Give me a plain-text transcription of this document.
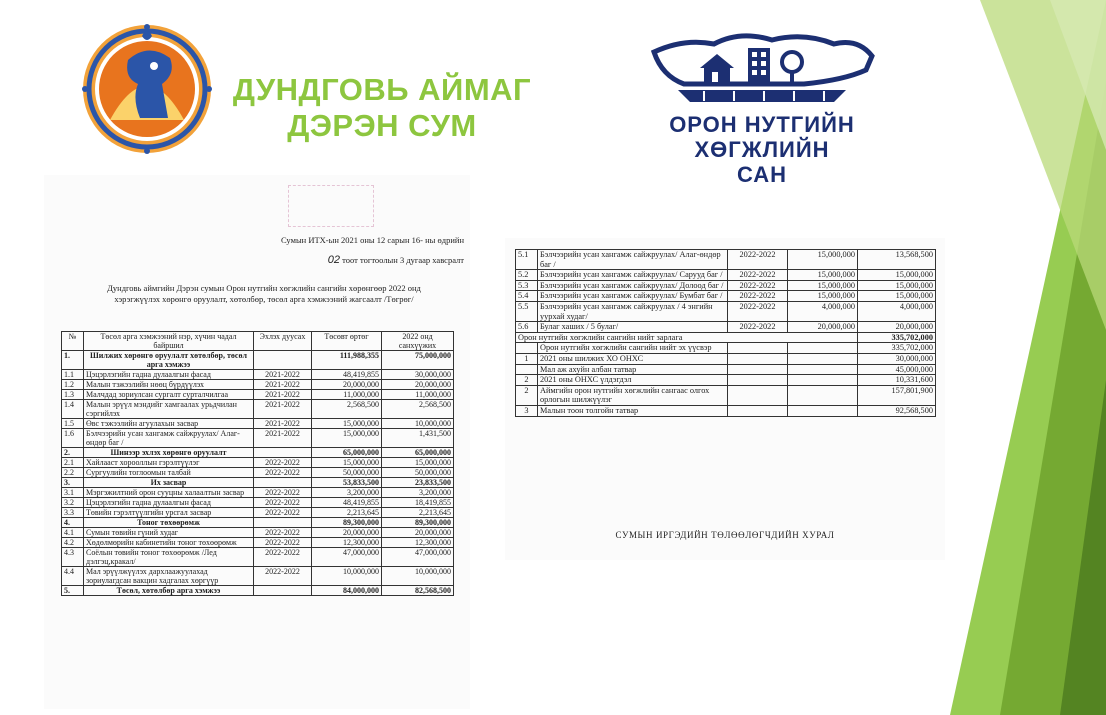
ДУНДГОВЬ АЙМАГ
ДЭРЭН СУМ	ОРОН НУТГИЙН
ХӨГЖЛИЙН
САН
Сумын ИТХ-ын 2021 оны 12 сарын 16- ны өдрийн
02 тоот тогтоолын 3 дугаар хавсралт
Дундговь аймгийн Дэрэн сумын Орон нутгийн хөгжлийн сангийн хөрөнгөөр 2022 онд хэрэгжүүлэх хөрөнгө оруулалт, хөтөлбөр, төсөл арга хэмжээний жагсаалт /Төгрөг/
№	Төсөл арга хэмжээний нэр, хүчин чадал байршил	Эхлэх дуусах	Төсөвт өртөг	2022 онд санхүүжих
1.	Шилжих хөрөнгө оруулалт хөтөлбөр, төсөл арга хэмжээ		111,988,355	75,000,000
1.1	Цэцэрлэгийн гадна дулаалгын фасад	2021-2022	48,419,855	30,000,000
1.2	Малын тэжээлийн нөөц бүрдүүлэх	2021-2022	20,000,000	20,000,000
1.3	Малчдад зориулсан сургалт сурталчилгаа	2021-2022	11,000,000	11,000,000
1.4	Малын эрүүл мэндийг хамгаалах урьдчилан сэргийлэх	2021-2022	2,568,500	2,568,500
1.5	Өвс тэжээлийн агуулахын засвар	2021-2022	15,000,000	10,000,000
1.6	Бэлчээрийн усан хангамж сайжруулах/ Алаг-өндөр баг /	2021-2022	15,000,000	1,431,500
2.	Шинээр эхлэх хөрөнгө оруулалт		65,000,000	65,000,000
2.1	Хайлааст хорооллын гэрэлтүүлэг	2022-2022	15,000,000	15,000,000
2.2	Сургуулийн тоглоомын талбай	2022-2022	50,000,000	50,000,000
3.	Их засвар		53,833,500	23,833,500
3.1	Мэргэжилтний орон сууцны халаалтын засвар	2022-2022	3,200,000	3,200,000
3.2	Цэцэрлэгийн гадна дулаалгын фасад	2022-2022	48,419,855	18,419,855
3.3	Төвийн гэрэлтүүлгийн урсгал засвар	2022-2022	2,213,645	2,213,645
4.	Тоног төхөөрөмж		89,300,000	89,300,000
4.1	Сумын төвийн гүний худаг	2022-2022	20,000,000	20,000,000
4.2	Хөдөлмөрийн кабинетийн тоног төхөөрөмж	2022-2022	12,300,000	12,300,000
4.3	Соёлын төвийн тоног төхөөрөмж /Лед дэлгэц,кракал/	2022-2022	47,000,000	47,000,000
4.4	Мал эрүүлжүүлэх дархлаажуулахад зориулагдсан вакцин хадгалах хөргүүр	2022-2022	10,000,000	10,000,000
5.	Төсөл, хөтөлбөр арга хэмжээ		84,000,000	82,568,500
5.1	Бэлчээрийн усан хангамж сайжруулах/ Алаг-өндөр баг /	2022-2022	15,000,000	13,568,500
5.2	Бэлчээрийн усан хангамж сайжруулах/ Сарууд баг /	2022-2022	15,000,000	15,000,000
5.3	Бэлчээрийн усан хангамж сайжруулах/ Долоод баг /	2022-2022	15,000,000	15,000,000
5.4	Бэлчээрийн усан хангамж сайжруулах/ Бумбат баг /	2022-2022	15,000,000	15,000,000
5.5	Бэлчээрийн усан хангамж сайжруулах / 4 энгийн уурхай худаг/	2022-2022	4,000,000	4,000,000
5.6	Булаг хаших / 5 булаг/	2022-2022	20,000,000	20,000,000
Орон нутгийн хөгжлийн сангийн нийт зарлага				335,702,000
	Орон нутгийн хөгжлийн сангийн нийт эх үүсвэр			335,702,000
1	2021 оны шилжих ХО ОНХС			30,000,000
	Мал аж ахуйн албан татвар			45,000,000
2	2021 оны ОНХС үлдэгдэл			10,331,600
2	Аймгийн орон нутгийн хөгжлийн сангаас олгох орлогын шилжүүлэг			157,801,900
3	Малын тоон толгойн татвар			92,568,500
СУМЫН ИРГЭДИЙН ТӨЛӨӨЛӨГЧДИЙН ХУРАЛ
